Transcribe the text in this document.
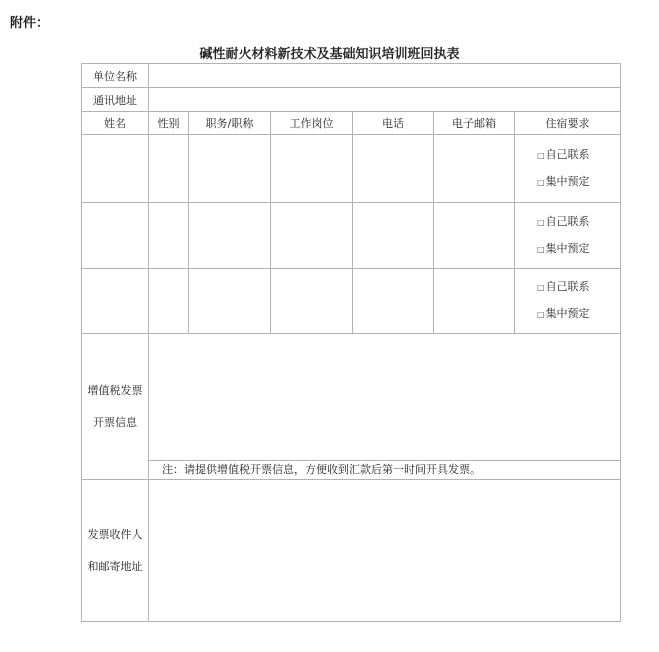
附件：
碱性耐火材料新技术及基础知识培训班回执表
单位名称						
通讯地址						
姓名	性别	职务/职称	工作岗位	电话	电子邮箱	住宿要求

						□自己联系
□集中预定

						□自己联系
□集中预定

						□自己联系
□集中预定

增值税发票
开票信息						

	注：请提供增值税开票信息，方便收到汇款后第一时间开具发票。					

发票收件人
和邮寄地址						
